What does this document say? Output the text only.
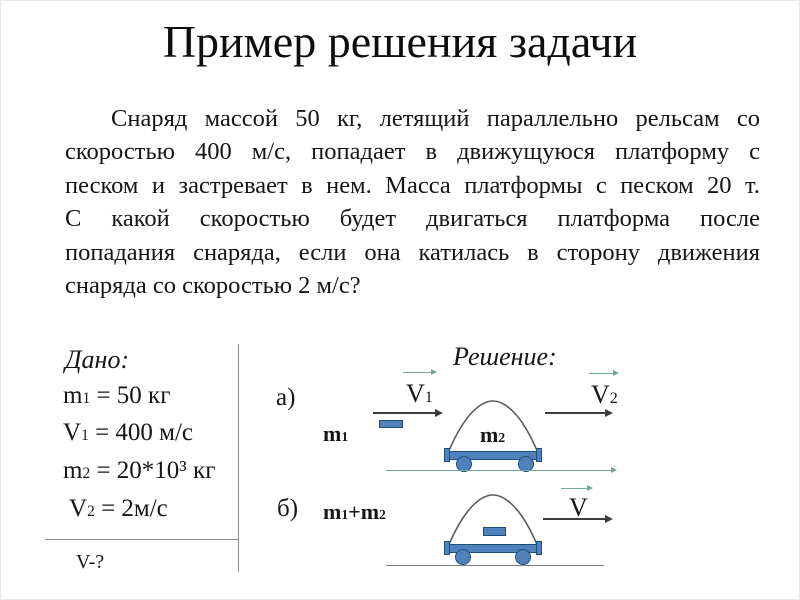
Пример решения задачи
Снаряд массой 50 кг, летящий параллельно рельсам со
скоростью 400 м/с, попадает в движущуюся платформу с
песком и застревает в нем. Масса платформы с песком 20 т.
С какой скоростью будет двигаться платформа после
попадания снаряда, если она катилась в сторону движения
снаряда со скоростью 2 м/с?
Дано:
m1 = 50 кг
V1 = 400 м/с
m2 = 20*10³ кг
V2 = 2м/с
V-?
Решение:
а)
m1
V1
m2
V2
б) m1+m2	V
